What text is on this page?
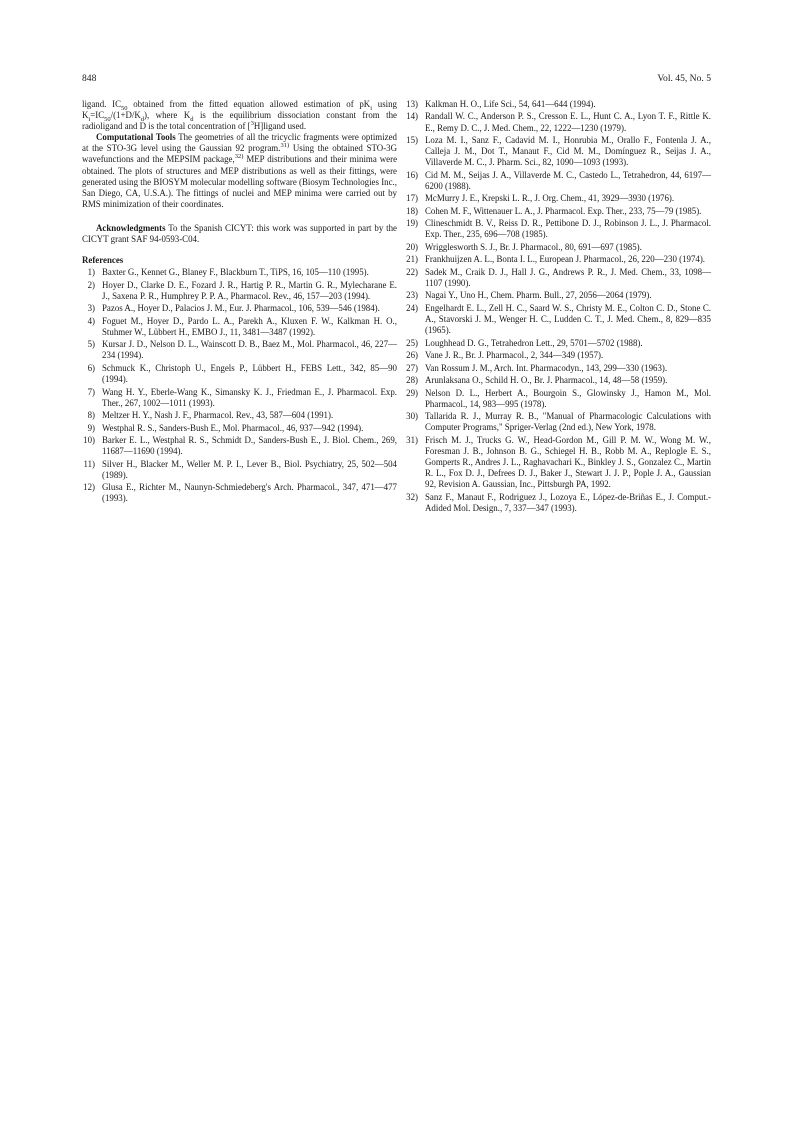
848	Vol. 45, No. 5

ligand. $IC_{50}$ obtained from the fitted equation allowed estimation of $pK_i$ using $K_i=IC_{50}/(1+D/K_d)$, where $K_d$ is the equilibrium dissociation constant from the radioligand and D is the total concentration of [$^3$H]ligand used.

Computational Tools The geometries of all the tricyclic fragments were optimized at the STO-3G level using the Gaussian 92 program.$^{31)}$ Using the obtained STO-3G wavefunctions and the MEPSIM package,$^{32)}$ MEP distributions and their minima were obtained. The plots of structures and MEP distributions as well as their fittings, were generated using the BIOSYM molecular modelling software (Biosym Technologies Inc., San Diego, CA, U.S.A.). The fittings of nuclei and MEP minima were carried out by RMS minimization of their coordinates.

Acknowledgments To the Spanish CICYT: this work was supported in part by the CICYT grant SAF 94-0593-C04.

References
1) Baxter G., Kennet G., Blaney F., Blackburn T., TiPS, 16, 105—110 (1995).
2) Hoyer D., Clarke D. E., Fozard J. R., Hartig P. R., Martin G. R., Mylecharane E. J., Saxena P. R., Humphrey P. P. A., Pharmacol. Rev., 46, 157—203 (1994).
3) Pazos A., Hoyer D., Palacios J. M., Eur. J. Pharmacol., 106, 539—546 (1984).
4) Foguet M., Hoyer D., Pardo L. A., Parekh A., Kluxen F. W., Kalkman H. O., Stuhmer W., Lübbert H., EMBO J., 11, 3481—3487 (1992).
5) Kursar J. D., Nelson D. L., Wainscott D. B., Baez M., Mol. Pharmacol., 46, 227—234 (1994).
6) Schmuck K., Christoph U., Engels P., Lübbert H., FEBS Lett., 342, 85—90 (1994).
7) Wang H. Y., Eberle-Wang K., Simansky K. J., Friedman E., J. Pharmacol. Exp. Ther., 267, 1002—1011 (1993).
8) Meltzer H. Y., Nash J. F., Pharmacol. Rev., 43, 587—604 (1991).
9) Westphal R. S., Sanders-Bush E., Mol. Pharmacol., 46, 937—942 (1994).
10) Barker E. L., Westphal R. S., Schmidt D., Sanders-Bush E., J. Biol. Chem., 269, 11687—11690 (1994).
11) Silver H., Blacker M., Weller M. P. I., Lever B., Biol. Psychiatry, 25, 502—504 (1989).
12) Glusa E., Richter M., Naunyn-Schmiedeberg's Arch. Pharmacol., 347, 471—477 (1993).
13) Kalkman H. O., Life Sci., 54, 641—644 (1994).
14) Randall W. C., Anderson P. S., Cresson E. L., Hunt C. A., Lyon T. F., Rittle K. E., Remy D. C., J. Med. Chem., 22, 1222—1230 (1979).
15) Loza M. I., Sanz F., Cadavid M. I., Honrubia M., Orallo F., Fontenla J. A., Calleja J. M., Dot T., Manaut F., Cid M. M., Domínguez R., Seijas J. A., Villaverde M. C., J. Pharm. Sci., 82, 1090—1093 (1993).
16) Cid M. M., Seijas J. A., Villaverde M. C., Castedo L., Tetrahedron, 44, 6197—6200 (1988).
17) McMurry J. E., Krepski L. R., J. Org. Chem., 41, 3929—3930 (1976).
18) Cohen M. F., Wittenauer L. A., J. Pharmacol. Exp. Ther., 233, 75—79 (1985).
19) Clineschmidt B. V., Reiss D. R., Pettibone D. J., Robinson J. L., J. Pharmacol. Exp. Ther., 235, 696—708 (1985).
20) Wrigglesworth S. J., Br. J. Pharmacol., 80, 691—697 (1985).
21) Frankhuijzen A. L., Bonta I. L., European J. Pharmacol., 26, 220—230 (1974).
22) Sadek M., Craik D. J., Hall J. G., Andrews P. R., J. Med. Chem., 33, 1098—1107 (1990).
23) Nagai Y., Uno H., Chem. Pharm. Bull., 27, 2056—2064 (1979).
24) Engelhardt E. L., Zell H. C., Saard W. S., Christy M. E., Colton C. D., Stone C. A., Stavorski J. M., Wenger H. C., Ludden C. T., J. Med. Chem., 8, 829—835 (1965).
25) Loughhead D. G., Tetrahedron Lett., 29, 5701—5702 (1988).
26) Vane J. R., Br. J. Pharmacol., 2, 344—349 (1957).
27) Van Rossum J. M., Arch. Int. Pharmacodyn., 143, 299—330 (1963).
28) Arunlaksana O., Schild H. O., Br. J. Pharmacol., 14, 48—58 (1959).
29) Nelson D. L., Herbert A., Bourgoin S., Glowinsky J., Hamon M., Mol. Pharmacol., 14, 983—995 (1978).
30) Tallarida R. J., Murray R. B., "Manual of Pharmacologic Calculations with Computer Programs," Spriger-Verlag (2nd ed.), New York, 1978.
31) Frisch M. J., Trucks G. W., Head-Gordon M., Gill P. M. W., Wong M. W., Foresman J. B., Johnson B. G., Schiegel H. B., Robb M. A., Replogle E. S., Gomperts R., Andres J. L., Raghavachari K., Binkley J. S., Gonzalez C., Martin R. L., Fox D. J., Defrees D. J., Baker J., Stewart J. J. P., Pople J. A., Gaussian 92, Revision A. Gaussian, Inc., Pittsburgh PA, 1992.
32) Sanz F., Manaut F., Rodriguez J., Lozoya E., López-de-Briñas E., J. Comput.-Adided Mol. Design., 7, 337—347 (1993).
